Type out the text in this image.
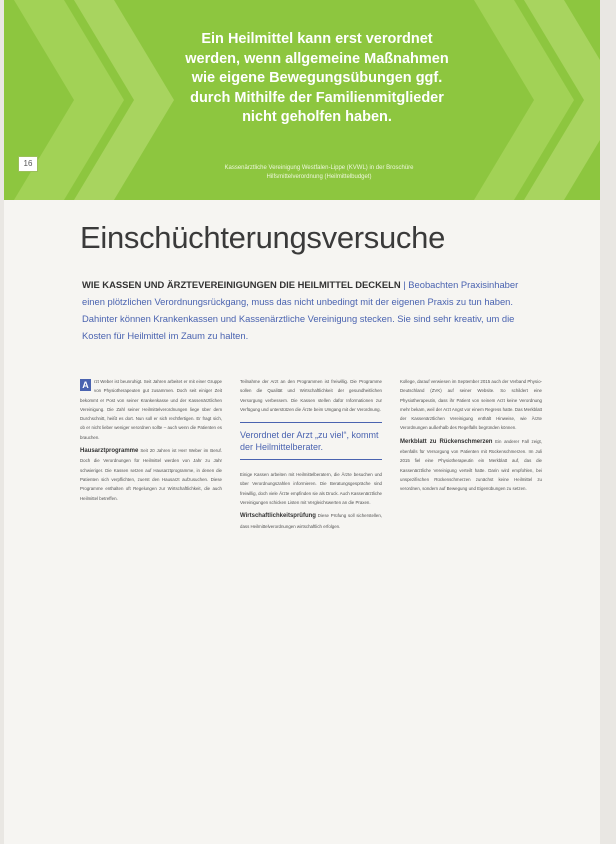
Ein Heilmittel kann erst verordnet werden, wenn allgemeine Maßnahmen wie eigene Bewegungsübungen ggf. durch Mithilfe der Familienmitglieder nicht geholfen haben.
Kassenärztliche Vereinigung Westfalen-Lippe (KVWL) in der Broschüre Hilfsmittelverordnung (Heilmittelbudget)
16
Einschüchterungsversuche
WIE KASSEN UND ÄRZTEVEREINIGUNGEN DIE HEILMITTEL DECKELN | Beobachten Praxisinhaber einen plötzlichen Verordnungsrückgang, muss das nicht unbedingt mit der eigenen Praxis zu tun haben. Dahinter können Krankenkassen und Kassenärztliche Vereinigung stecken. Sie sind sehr kreativ, um die Kosten für Heilmittel im Zaum zu halten.

A	rzt Weber ist beunruhigt. Seit Jahren arbeitet er mit einer Gruppe von Physiotherapeuten gut zusammen. Doch seit einiger Zeit bekommt er Post von seiner Krankenkasse und der Kassenärztlichen Vereinigung. Die Zahl seiner Heilmittelverordnungen liege über dem Durchschnitt, heißt es dort. Nun soll er sich rechtfertigen. Er fragt sich, ob er nicht lieber weniger verordnen sollte – auch wenn die Patienten es brauchen.

Hausarztprogramme Seit 20 Jahren ist Herr Weber im Beruf. Doch die Verordnungen für Heilmittel werden von Jahr zu Jahr schwieriger. Die Kassen setzen auf Hausarztprogramme, in denen die Patienten sich verpflichten, zuerst den Hausarzt aufzusuchen. Diese Programme enthalten oft Regelungen zur Wirtschaftlichkeit, die auch Heilmittel betreffen.

Teilnahme der Arzt an den Programmen ist freiwillig. Die Programme sollen die Qualität und Wirtschaftlichkeit der gesundheitlichen Versorgung verbessern. Die Kassen stellen dafür Informationen zur Verfügung und unterstützen die Ärzte beim Umgang mit der Verordnung.

Verordnet der Arzt „zu viel“, kommt der Heilmittelberater.

Einige Kassen arbeiten mit Heilmittelberatern, die Ärzte besuchen und über Verordnungszahlen informieren. Die Beratungsgespräche sind freiwillig, doch viele Ärzte empfinden sie als Druck. Auch Kassenärztliche Vereinigungen schicken Listen mit Vergleichswerten an die Praxen.

Wirtschaftlichkeitsprüfung Diese Prüfung soll sicherstellen, dass Heilmittelverordnungen wirtschaftlich erfolgen.

Kollege, darauf verwiesen im September 2015 auch der Verband Physio-Deutschland (ZVK) auf seiner Website. So schildert eine Physiotherapeutin, dass ihr Patient von seinem Arzt keine Verordnung mehr bekam, weil der Arzt Angst vor einem Regress hatte. Das Merkblatt der Kassenärztlichen Vereinigung enthält Hinweise, wie Ärzte Verordnungen außerhalb des Regelfalls begründen können.

Merkblatt zu Rückenschmerzen Ein anderer Fall zeigt, ebenfalls für Versorgung von Patienten mit Rückenschmerzen. Im Juli 2015 fiel eine Physiotherapeutin ein Merkblatt auf, das die Kassenärztliche Vereinigung verteilt hatte. Darin wird empfohlen, bei unspezifischen Rückenschmerzen zunächst keine Heilmittel zu verordnen, sondern auf Bewegung und Eigenübungen zu setzen.
